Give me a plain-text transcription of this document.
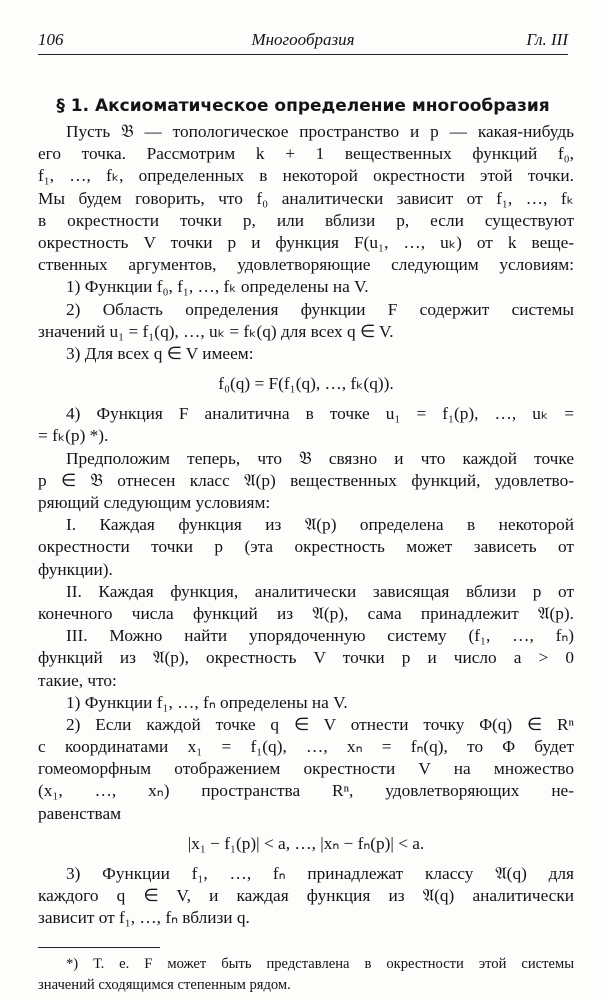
106	Многообразия	Гл. III
§ 1. Аксиоматическое определение многообразия
Пусть 𝔅 — топологическое пространство и p — какая-нибудь
его точка. Рассмотрим k + 1 вещественных функций f₀,
f₁, …, fₖ, определенных в некоторой окрестности этой точки.
Мы будем говорить, что f₀ аналитически зависит от f₁, …, fₖ
в окрестности точки p, или вблизи p, если существуют
окрестность V точки p и функция F(u₁, …, uₖ) от k веще-
ственных аргументов, удовлетворяющие следующим условиям:
1) Функции f₀, f₁, …, fₖ определены на V.
2) Область определения функции F содержит системы
значений u₁ = f₁(q), …, uₖ = fₖ(q) для всех q ∈ V.
3) Для всех q ∈ V имеем:
f₀(q) = F(f₁(q), …, fₖ(q)).
4) Функция F аналитична в точке u₁ = f₁(p), …, uₖ =
= fₖ(p) *).
Предположим теперь, что 𝔅 связно и что каждой точке
p ∈ 𝔅 отнесен класс 𝔄(p) вещественных функций, удовлетво-
ряющий следующим условиям:
I. Каждая функция из 𝔄(p) определена в некоторой
окрестности точки p (эта окрестность может зависеть от
функции).
II. Каждая функция, аналитически зависящая вблизи p от
конечного числа функций из 𝔄(p), сама принадлежит 𝔄(p).
III. Можно найти упорядоченную систему (f₁, …, fₙ)
функций из 𝔄(p), окрестность V точки p и число a > 0
такие, что:
1) Функции f₁, …, fₙ определены на V.
2) Если каждой точке q ∈ V отнести точку Φ(q) ∈ Rⁿ
с координатами x₁ = f₁(q), …, xₙ = fₙ(q), то Φ будет
гомеоморфным отображением окрестности V на множество
(x₁, …, xₙ) пространства Rⁿ, удовлетворяющих не-
равенствам
|x₁ − f₁(p)| < a, …, |xₙ − fₙ(p)| < a.
3) Функции f₁, …, fₙ принадлежат классу 𝔄(q) для
каждого q ∈ V, и каждая функция из 𝔄(q) аналитически
зависит от f₁, …, fₙ вблизи q.
*) Т. е. F может быть представлена в окрестности этой системы
значений сходящимся степенным рядом.
